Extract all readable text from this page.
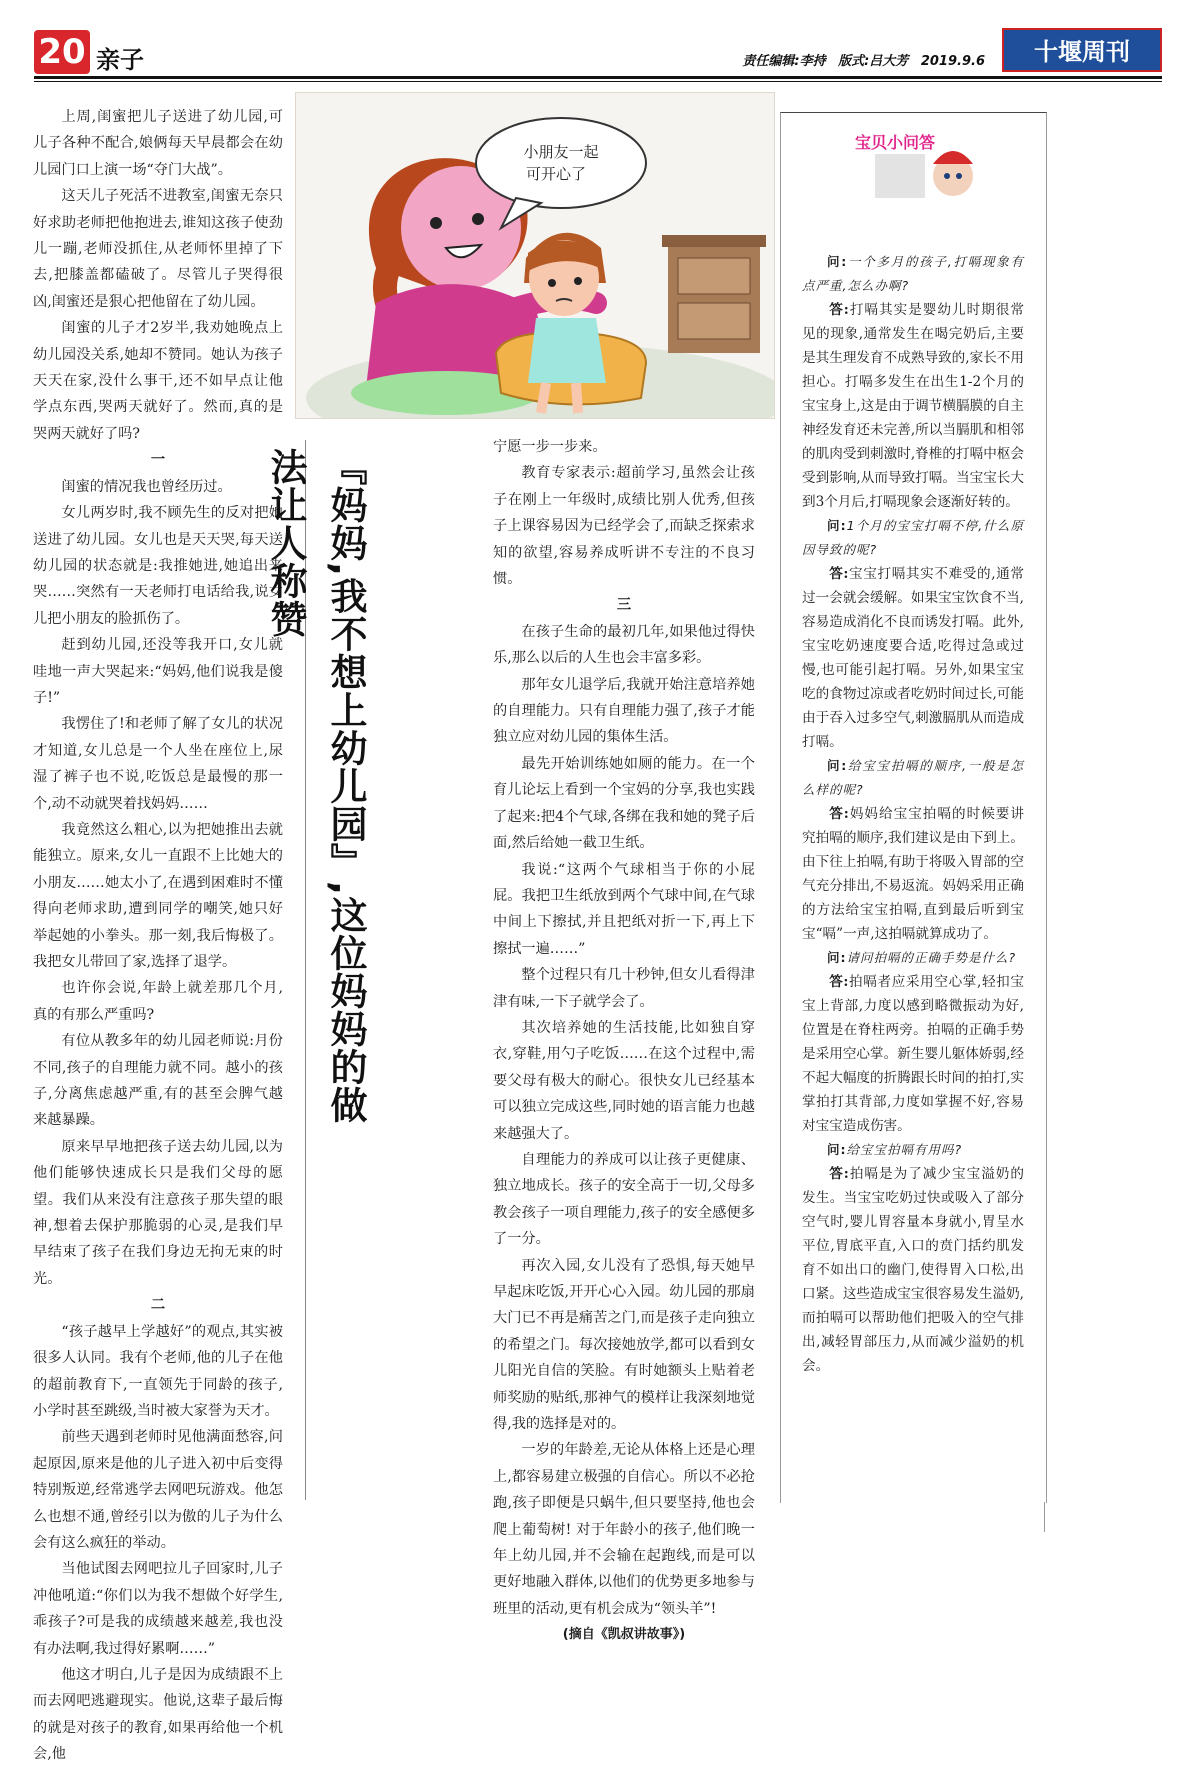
20 亲子	责任编辑:李持 版式:吕大芳 2019.9.6	十堰周刊
小朋友一起
可开心了

上周,闺蜜把儿子送进了幼儿园,可儿子各种不配合,娘俩每天早晨都会在幼儿园门口上演一场“夺门大战”。

这天儿子死活不进教室,闺蜜无奈只好求助老师把他抱进去,谁知这孩子使劲儿一蹦,老师没抓住,从老师怀里掉了下去,把膝盖都磕破了。尽管儿子哭得很凶,闺蜜还是狠心把他留在了幼儿园。

闺蜜的儿子才2岁半,我劝她晚点上幼儿园没关系,她却不赞同。她认为孩子天天在家,没什么事干,还不如早点让他学点东西,哭两天就好了。然而,真的是哭两天就好了吗?

一

闺蜜的情况我也曾经历过。

女儿两岁时,我不顾先生的反对把她送进了幼儿园。女儿也是天天哭,每天送幼儿园的状态就是:我推她进,她追出来哭……突然有一天老师打电话给我,说女儿把小朋友的脸抓伤了。

赶到幼儿园,还没等我开口,女儿就哇地一声大哭起来:“妈妈,他们说我是傻子!”

我愣住了!和老师了解了女儿的状况才知道,女儿总是一个人坐在座位上,尿湿了裤子也不说,吃饭总是最慢的那一个,动不动就哭着找妈妈……

我竟然这么粗心,以为把她推出去就能独立。原来,女儿一直跟不上比她大的小朋友……她太小了,在遇到困难时不懂得向老师求助,遭到同学的嘲笑,她只好举起她的小拳头。那一刻,我后悔极了。我把女儿带回了家,选择了退学。

也许你会说,年龄上就差那几个月,真的有那么严重吗?

有位从教多年的幼儿园老师说:月份不同,孩子的自理能力就不同。越小的孩子,分离焦虑越严重,有的甚至会脾气越来越暴躁。

原来早早地把孩子送去幼儿园,以为他们能够快速成长只是我们父母的愿望。我们从来没有注意孩子那失望的眼神,想着去保护那脆弱的心灵,是我们早早结束了孩子在我们身边无拘无束的时光。

二

“孩子越早上学越好”的观点,其实被很多人认同。我有个老师,他的儿子在他的超前教育下,一直领先于同龄的孩子,小学时甚至跳级,当时被大家誉为天才。

前些天遇到老师时见他满面愁容,问起原因,原来是他的儿子进入初中后变得特别叛逆,经常逃学去网吧玩游戏。他怎么也想不通,曾经引以为傲的儿子为什么会有这么疯狂的举动。

当他试图去网吧拉儿子回家时,儿子冲他吼道:“你们以为我不想做个好学生,乖孩子?可是我的成绩越来越差,我也没有办法啊,我过得好累啊……”

他这才明白,儿子是因为成绩跟不上而去网吧逃避现实。他说,这辈子最后悔的就是对孩子的教育,如果再给他一个机会,他

『妈妈,我不想上幼儿园』,这位妈妈的做法让人称赞

宁愿一步一步来。

教育专家表示:超前学习,虽然会让孩子在刚上一年级时,成绩比别人优秀,但孩子上课容易因为已经学会了,而缺乏探索求知的欲望,容易养成听讲不专注的不良习惯。

三

在孩子生命的最初几年,如果他过得快乐,那么以后的人生也会丰富多彩。

那年女儿退学后,我就开始注意培养她的自理能力。只有自理能力强了,孩子才能独立应对幼儿园的集体生活。

最先开始训练她如厕的能力。在一个育儿论坛上看到一个宝妈的分享,我也实践了起来:把4个气球,各绑在我和她的凳子后面,然后给她一截卫生纸。

我说:“这两个气球相当于你的小屁屁。我把卫生纸放到两个气球中间,在气球中间上下擦拭,并且把纸对折一下,再上下擦拭一遍……”

整个过程只有几十秒钟,但女儿看得津津有味,一下子就学会了。

其次培养她的生活技能,比如独自穿衣,穿鞋,用勺子吃饭……在这个过程中,需要父母有极大的耐心。很快女儿已经基本可以独立完成这些,同时她的语言能力也越来越强大了。

自理能力的养成可以让孩子更健康、独立地成长。孩子的安全高于一切,父母多教会孩子一项自理能力,孩子的安全感便多了一分。

再次入园,女儿没有了恐惧,每天她早早起床吃饭,开开心心入园。幼儿园的那扇大门已不再是痛苦之门,而是孩子走向独立的希望之门。每次接她放学,都可以看到女儿阳光自信的笑脸。有时她额头上贴着老师奖励的贴纸,那神气的模样让我深刻地觉得,我的选择是对的。

一岁的年龄差,无论从体格上还是心理上,都容易建立极强的自信心。所以不必抢跑,孩子即便是只蜗牛,但只要坚持,他也会爬上葡萄树! 对于年龄小的孩子,他们晚一年上幼儿园,并不会输在起跑线,而是可以更好地融入群体,以他们的优势更多地参与班里的活动,更有机会成为“领头羊”!

(摘自《凯叔讲故事》)

宝贝小问答

问:一个多月的孩子,打嗝现象有点严重,怎么办啊?

答:打嗝其实是婴幼儿时期很常见的现象,通常发生在喝完奶后,主要是其生理发育不成熟导致的,家长不用担心。打嗝多发生在出生1-2个月的宝宝身上,这是由于调节横膈膜的自主神经发育还未完善,所以当膈肌和相邻的肌肉受到刺激时,脊椎的打嗝中枢会受到影响,从而导致打嗝。当宝宝长大到3个月后,打嗝现象会逐渐好转的。

问:1个月的宝宝打嗝不停,什么原因导致的呢?

答:宝宝打嗝其实不难受的,通常过一会就会缓解。如果宝宝饮食不当,容易造成消化不良而诱发打嗝。此外,宝宝吃奶速度要合适,吃得过急或过慢,也可能引起打嗝。另外,如果宝宝吃的食物过凉或者吃奶时间过长,可能由于吞入过多空气,刺激膈肌从而造成打嗝。

问:给宝宝拍嗝的顺序,一般是怎么样的呢?

答:妈妈给宝宝拍嗝的时候要讲究拍嗝的顺序,我们建议是由下到上。由下往上拍嗝,有助于将吸入胃部的空气充分排出,不易返流。妈妈采用正确的方法给宝宝拍嗝,直到最后听到宝宝“嗝”一声,这拍嗝就算成功了。

问:请问拍嗝的正确手势是什么?

答:拍嗝者应采用空心掌,轻扣宝宝上背部,力度以感到略微振动为好,位置是在脊柱两旁。拍嗝的正确手势是采用空心掌。新生婴儿躯体娇弱,经不起大幅度的折腾跟长时间的拍打,实掌拍打其背部,力度如掌握不好,容易对宝宝造成伤害。

问:给宝宝拍嗝有用吗?

答:拍嗝是为了减少宝宝溢奶的发生。当宝宝吃奶过快或吸入了部分空气时,婴儿胃容量本身就小,胃呈水平位,胃底平直,入口的贲门括约肌发育不如出口的幽门,使得胃入口松,出口紧。这些造成宝宝很容易发生溢奶,而拍嗝可以帮助他们把吸入的空气排出,减轻胃部压力,从而减少溢奶的机会。
